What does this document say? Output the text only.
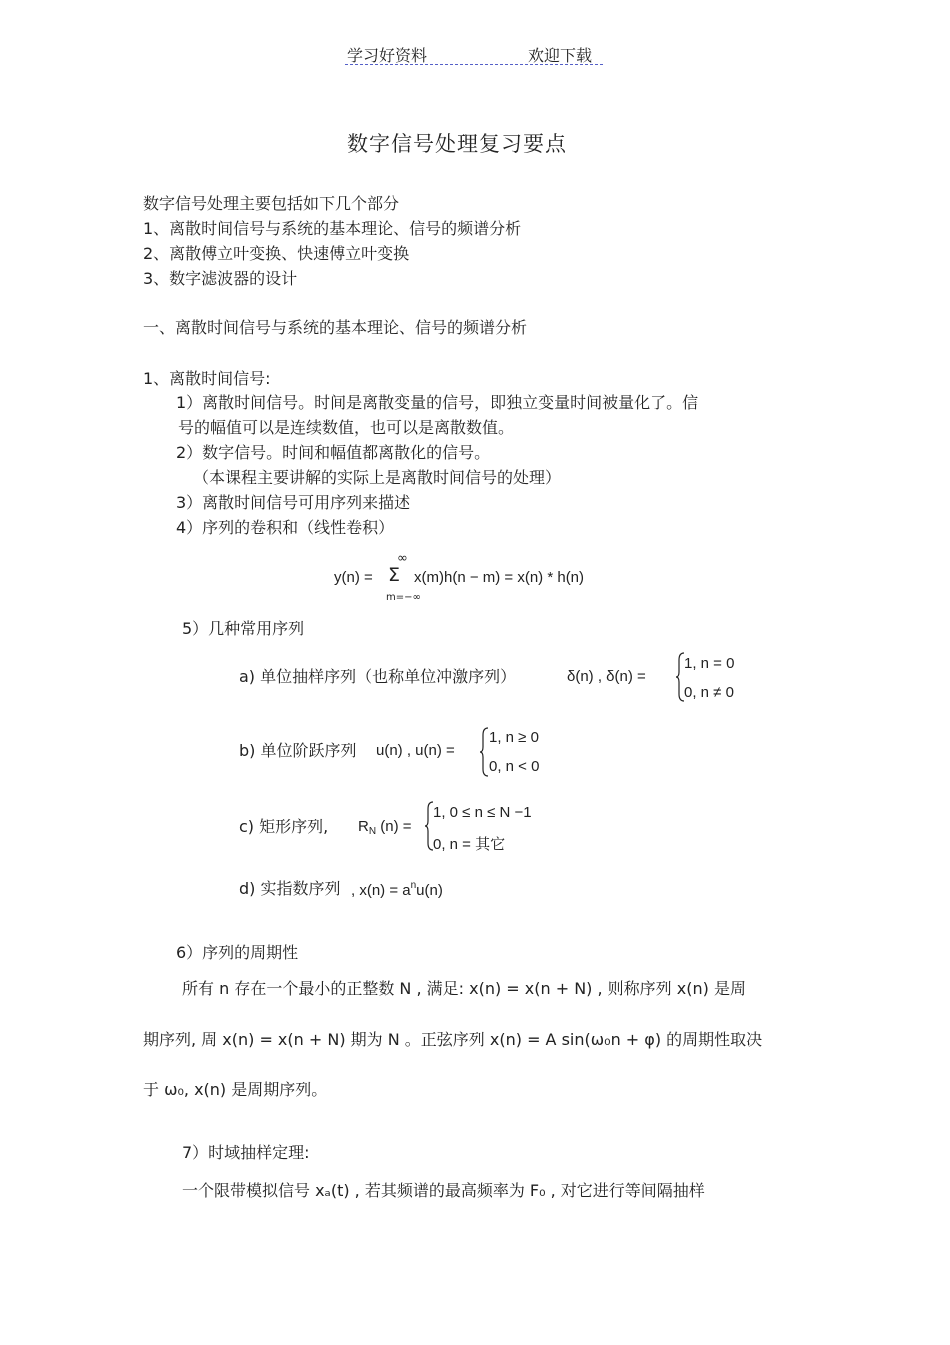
学习好资料	欢迎下载
数字信号处理复习要点
数字信号处理主要包括如下几个部分
1、离散时间信号与系统的基本理论、信号的频谱分析
2、离散傅立叶变换、快速傅立叶变换
3、数字滤波器的设计
一、离散时间信号与系统的基本理论、信号的频谱分析
1、离散时间信号:
1）离散时间信号。时间是离散变量的信号，即独立变量时间被量化了。信
号的幅值可以是连续数值，也可以是离散数值。
2）数字信号。时间和幅值都离散化的信号。
（本课程主要讲解的实际上是离散时间信号的处理）
3）离散时间信号可用序列来描述
4）序列的卷积和（线性卷积）
y(n) =
∞
Σ
m=−∞
x(m)h(n − m) = x(n) * h(n)
5）几种常用序列
a) 单位抽样序列（也称单位冲激序列）	δ(n) , δ(n) =
1, n = 0
0, n ≠ 0
b) 单位阶跃序列 u(n) , u(n) =
1, n ≥ 0
0, n < 0
c) 矩形序列, $R_N$ (n) =
1, 0 ≤ n ≤ N −1
0, n = 其它
d) 实指数序列 , $x(n) = a^nu(n)$
6）序列的周期性
所有 n 存在一个最小的正整数 N , 满足: x(n) = x(n + N) , 则称序列 x(n) 是周
期序列, 周 x(n) = x(n + N) 期为 N 。正弦序列 x(n) = A sin(ω₀n + φ) 的周期性取决
于 ω₀, x(n) 是周期序列。
7）时域抽样定理:
一个限带模拟信号 xₐ(t) , 若其频谱的最高频率为 F₀ , 对它进行等间隔抽样
